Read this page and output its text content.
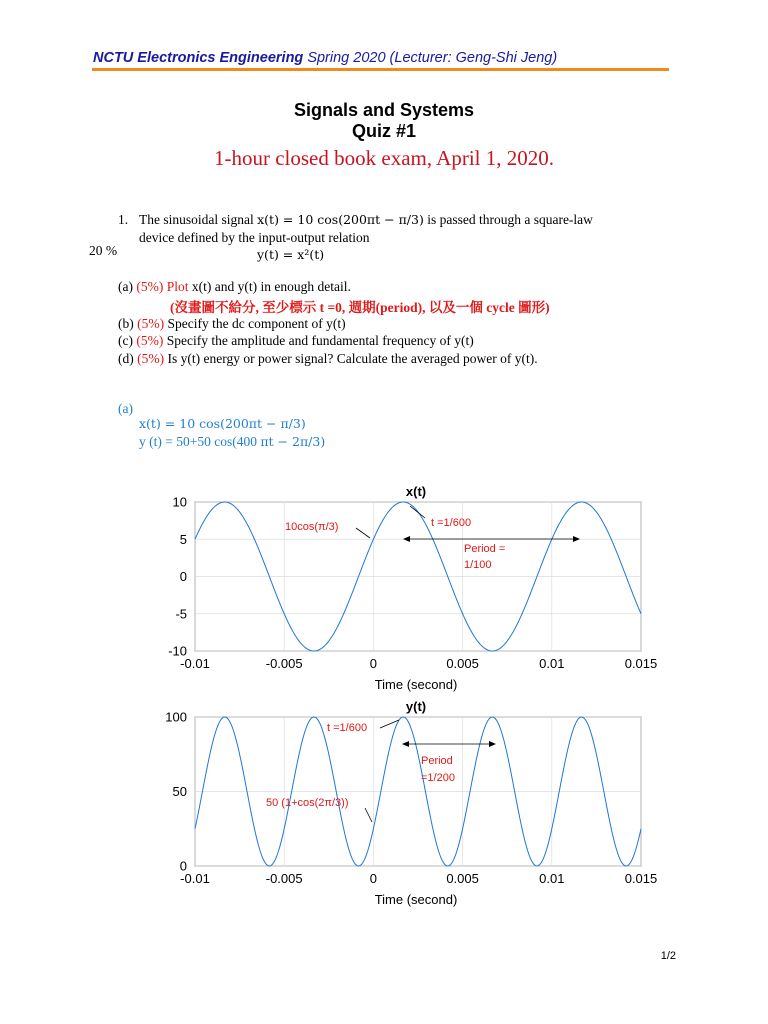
NCTU Electronics Engineering Spring 2020 (Lecturer: Geng-Shi Jeng)
Signals and Systems
Quiz #1
1-hour closed book exam, April 1, 2020.
1. The sinusoidal signal x(t) = 10 cos(200πt − π/3) is passed through a square-law
device defined by the input-output relation
20 %	y(t) = x²(t)
(a) (5%) Plot x(t) and y(t) in enough detail.
(沒畫圖不給分, 至少標示 t =0, 週期(period), 以及一個 cycle 圖形)
(b) (5%) Specify the dc component of y(t)
(c) (5%) Specify the amplitude and fundamental frequency of y(t)
(d) (5%) Is y(t) energy or power signal? Calculate the averaged power of y(t).
(a)
x(t) = 10 cos(200πt − π/3)
y (t) = 50+50 cos(400 πt − 2π/3)
x(t)
10
5
0
-5
-10
-0.01	-0.005	0	0.005	0.01	0.015
Time (second)
10cos(π/3)	t =1/600
Period =
1/100
y(t)
100
50
0
-0.01	-0.005	0	0.005	0.01	0.015
Time (second)
t =1/600
Period
=1/200
50 (1+cos(2π/3))
1/2
